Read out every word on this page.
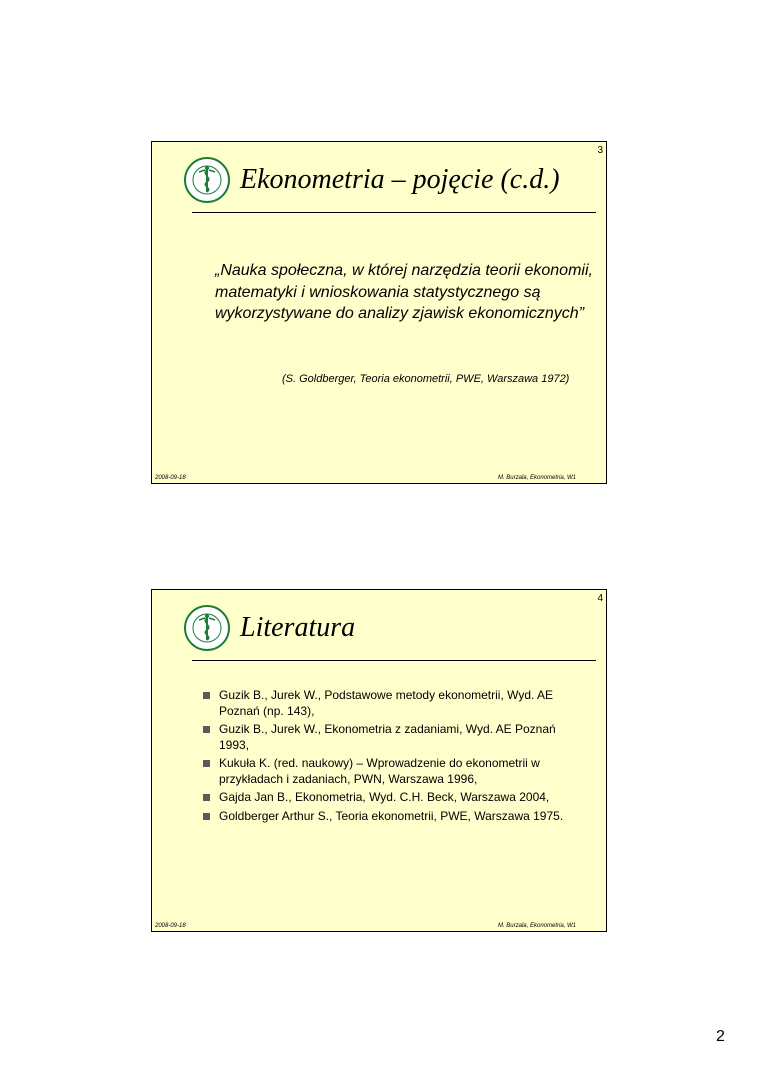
3
Ekonometria – pojęcie (c.d.)

„Nauka społeczna, w której narzędzia teorii ekonomii, matematyki i wnioskowania statystycznego są wykorzystywane do analizy zjawisk ekonomicznych”

(S. Goldberger, Teoria ekonometrii, PWE, Warszawa 1972)
2008-09-18	M. Burzala, Ekonometria, W1
4
Literatura
Guzik B., Jurek W., Podstawowe metody ekonometrii, Wyd. AE Poznań (np. 143),
Guzik B., Jurek W., Ekonometria z zadaniami, Wyd. AE Poznań 1993,
Kukuła K. (red. naukowy) – Wprowadzenie do ekonometrii w przykładach i zadaniach, PWN, Warszawa 1996,
Gajda Jan B., Ekonometria, Wyd. C.H. Beck, Warszawa 2004,
Goldberger Arthur S., Teoria ekonometrii, PWE, Warszawa 1975.
2008-09-18	M. Burzala, Ekonometria, W1
2
